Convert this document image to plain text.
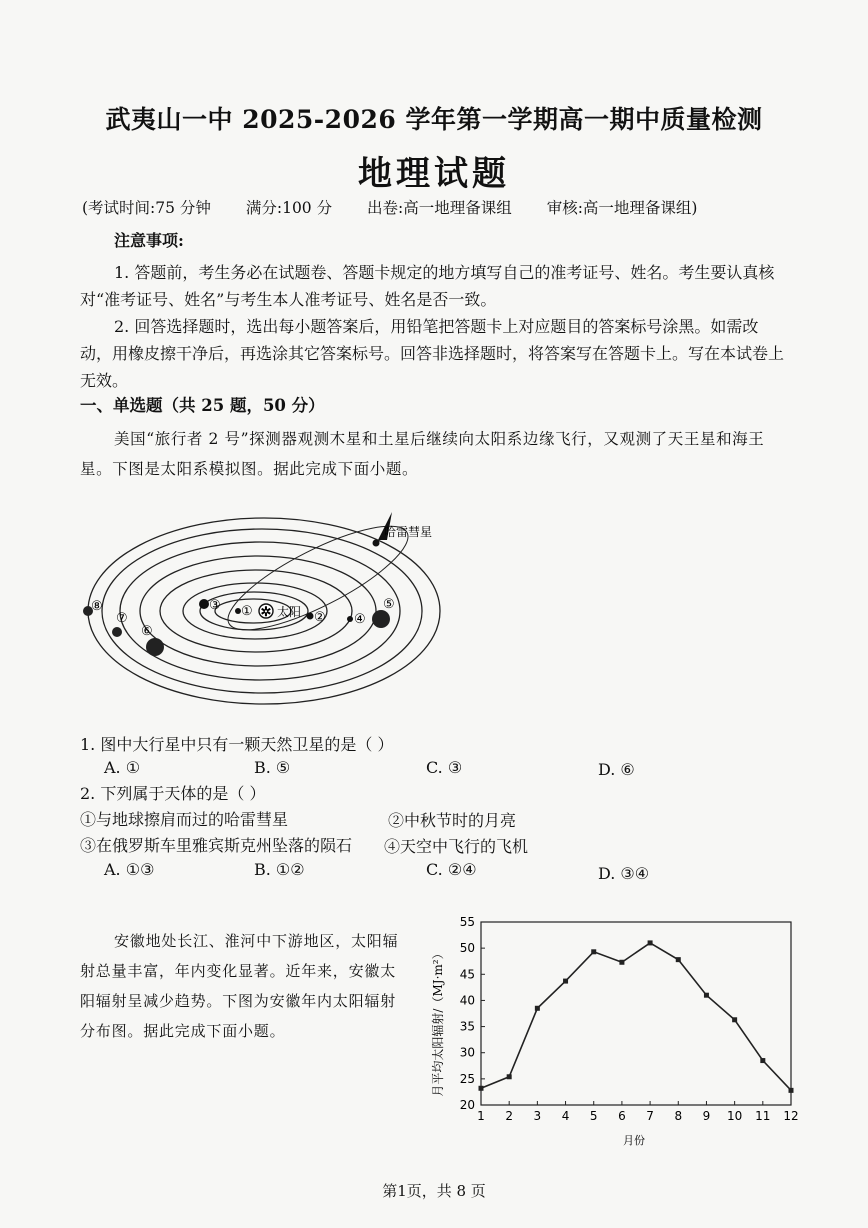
武夷山一中 2025-2026 学年第一学期高一期中质量检测
地理试题
(考试时间:75 分钟 满分:100 分 出卷:高一地理备课组 审核:高一地理备课组)
注意事项:
1. 答题前，考生务必在试题卷、答题卡规定的地方填写自己的准考证号、姓名。考生要认真核对“准考证号、姓名”与考生本人准考证号、姓名是否一致。
2. 回答选择题时，选出每小题答案后，用铅笔把答题卡上对应题目的答案标号涂黑。如需改动，用橡皮擦干净后，再选涂其它答案标号。回答非选择题时，将答案写在答题卡上。写在本试卷上无效。
一、单选题（共 25 题，50 分）
美国“旅行者 2 号”探测器观测木星和土星后继续向太阳系边缘飞行，又观测了天王星和海王星。下图是太阳系模拟图。据此完成下面小题。
✲ 太阳
①	②
③
④
⑤
⑥
⑦
⑧
哈雷彗星
1. 图中大行星中只有一颗天然卫星的是（ ）
A. ①	B. ⑤	C. ③	D. ⑥
2. 下列属于天体的是（ ）
①与地球擦肩而过的哈雷彗星	②中秋节时的月亮
③在俄罗斯车里雅宾斯克州坠落的陨石 ④天空中飞行的飞机
A. ①③	B. ①②	C. ②④	D. ③④
安徽地处长江、淮河中下游地区，太阳辐射总量丰富，年内变化显著。近年来，安徽太阳辐射呈减少趋势。下图为安徽年内太阳辐射分布图。据此完成下面小题。
20
25
30
35
40
45
50
55
1 2 3 4 5 6 7 8 9 10 11 12
月平均太阳辐射/（MJ·m²）
月份
第1页，共 8 页
